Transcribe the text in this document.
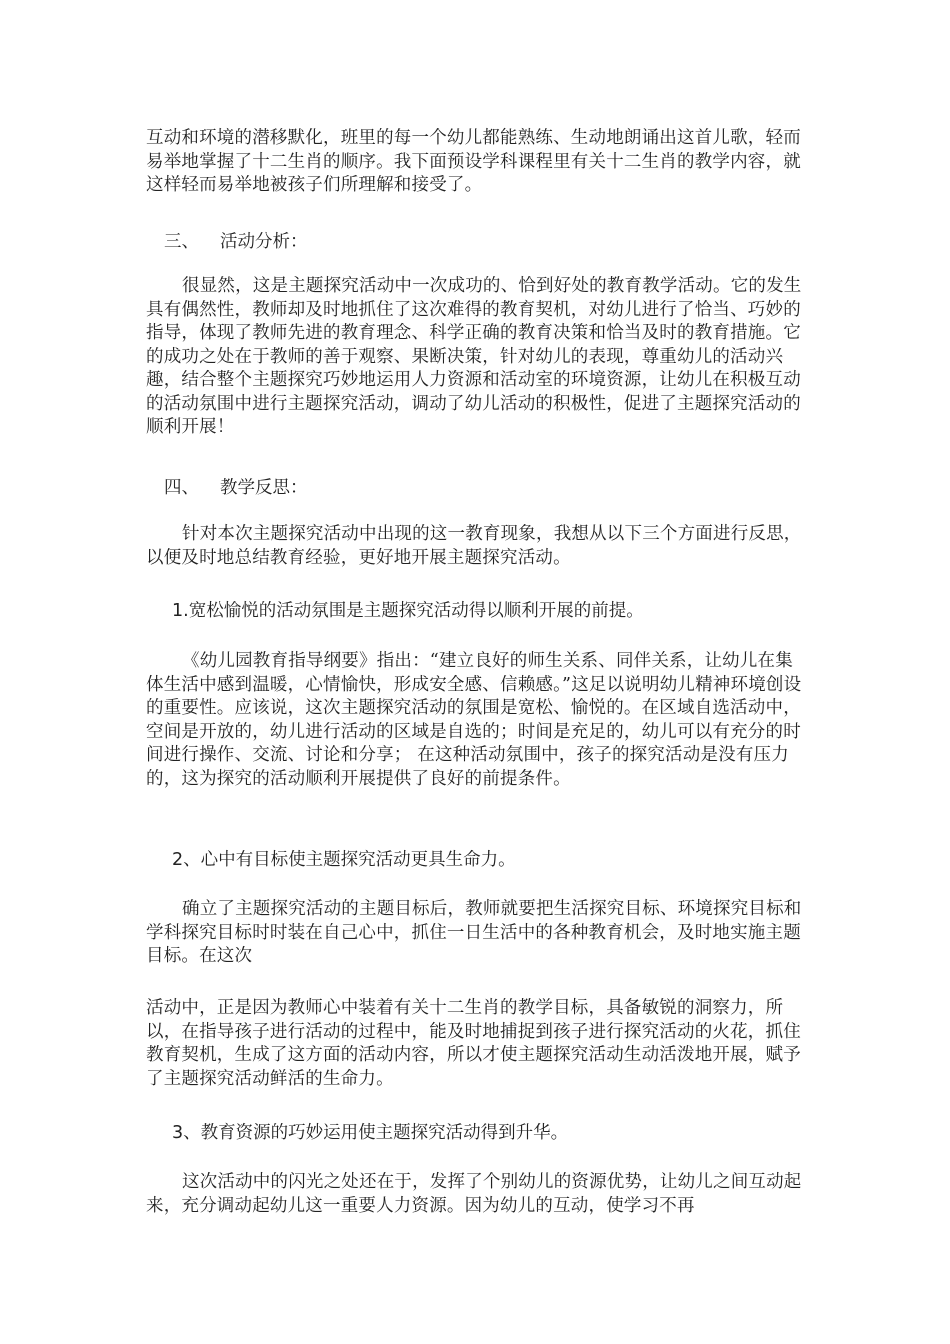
互动和环境的潜移默化，班里的每一个幼儿都能熟练、生动地朗诵出这首儿歌，轻而易举地掌握了十二生肖的顺序。我下面预设学科课程里有关十二生肖的教学内容，就这样轻而易举地被孩子们所理解和接受了。
三、 活动分析：
很显然，这是主题探究活动中一次成功的、恰到好处的教育教学活动。它的发生具有偶然性，教师却及时地抓住了这次难得的教育契机，对幼儿进行了恰当、巧妙的指导，体现了教师先进的教育理念、科学正确的教育决策和恰当及时的教育措施。它的成功之处在于教师的善于观察、果断决策，针对幼儿的表现，尊重幼儿的活动兴趣，结合整个主题探究巧妙地运用人力资源和活动室的环境资源，让幼儿在积极互动的活动氛围中进行主题探究活动，调动了幼儿活动的积极性，促进了主题探究活动的顺利开展！
四、 教学反思：
针对本次主题探究活动中出现的这一教育现象，我想从以下三个方面进行反思，以便及时地总结教育经验，更好地开展主题探究活动。
1.宽松愉悦的活动氛围是主题探究活动得以顺利开展的前提。
《幼儿园教育指导纲要》指出：“建立良好的师生关系、同伴关系，让幼儿在集体生活中感到温暖，心情愉快，形成安全感、信赖感。”这足以说明幼儿精神环境创设的重要性。应该说，这次主题探究活动的氛围是宽松、愉悦的。在区域自选活动中，空间是开放的，幼儿进行活动的区域是自选的；时间是充足的，幼儿可以有充分的时间进行操作、交流、讨论和分享； 在这种活动氛围中，孩子的探究活动是没有压力的，这为探究的活动顺利开展提供了良好的前提条件。
2、心中有目标使主题探究活动更具生命力。
确立了主题探究活动的主题目标后，教师就要把生活探究目标、环境探究目标和学科探究目标时时装在自己心中，抓住一日生活中的各种教育机会，及时地实施主题目标。在这次
活动中，正是因为教师心中装着有关十二生肖的教学目标，具备敏锐的洞察力，所以，在指导孩子进行活动的过程中，能及时地捕捉到孩子进行探究活动的火花，抓住教育契机，生成了这方面的活动内容，所以才使主题探究活动生动活泼地开展，赋予了主题探究活动鲜活的生命力。
3、教育资源的巧妙运用使主题探究活动得到升华。
这次活动中的闪光之处还在于，发挥了个别幼儿的资源优势，让幼儿之间互动起来，充分调动起幼儿这一重要人力资源。因为幼儿的互动，使学习不再
